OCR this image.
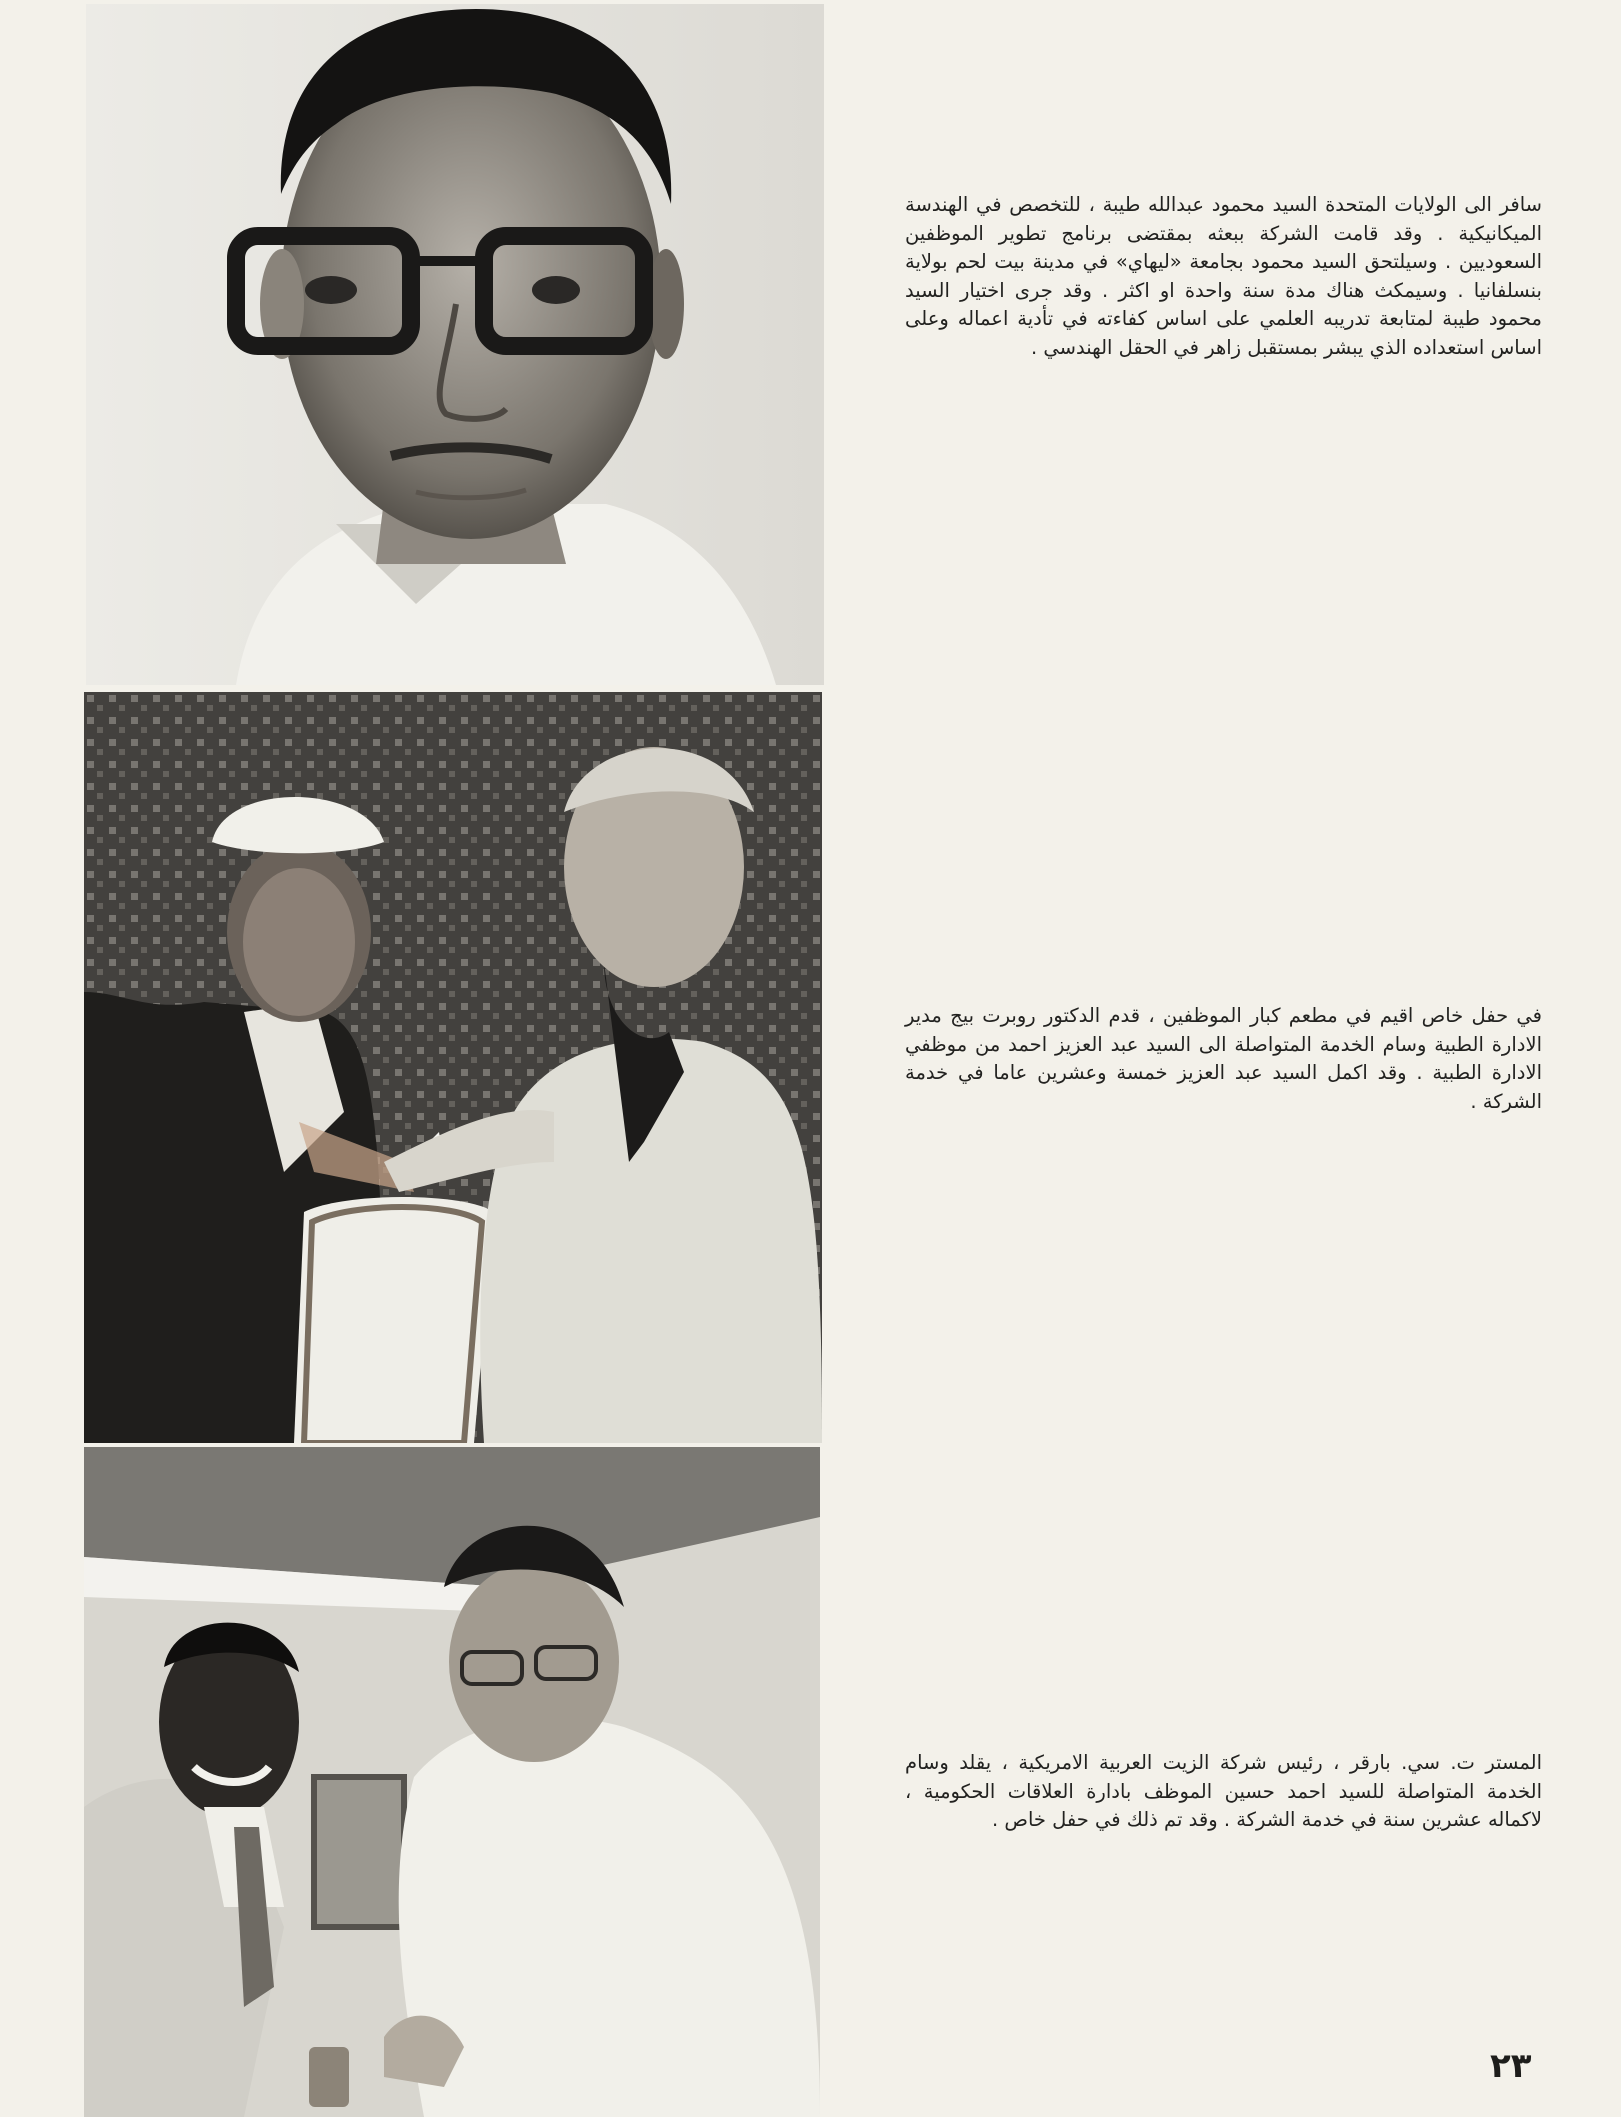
سافر الى الولايات المتحدة السيد محمود عبدالله طيبة ، للتخصص في الهندسة الميكانيكية . وقد قامت الشركة ببعثه بمقتضى برنامج تطوير الموظفين السعوديين . وسيلتحق السيد محمود بجامعة «ليهاي» في مدينة بيت لحم بولاية بنسلفانيا . وسيمكث هناك مدة سنة واحدة او اكثر . وقد جرى اختيار السيد محمود طيبة لمتابعة تدريبه العلمي على اساس كفاءته في تأدية اعماله وعلى اساس استعداده الذي يبشر بمستقبل زاهر في الحقل الهندسي .

في حفل خاص اقيم في مطعم كبار الموظفين ، قدم الدكتور روبرت بيج مدير الادارة الطبية وسام الخدمة المتواصلة الى السيد عبد العزيز احمد من موظفي الادارة الطبية . وقد اكمل السيد عبد العزيز خمسة وعشرين عاما في خدمة الشركة .

المستر ت. سي. بارقر ، رئيس شركة الزيت العربية الامريكية ، يقلد وسام الخدمة المتواصلة للسيد احمد حسين الموظف بادارة العلاقات الحكومية ، لاكماله عشرين سنة في خدمة الشركة . وقد تم ذلك في حفل خاص .

٢٣
